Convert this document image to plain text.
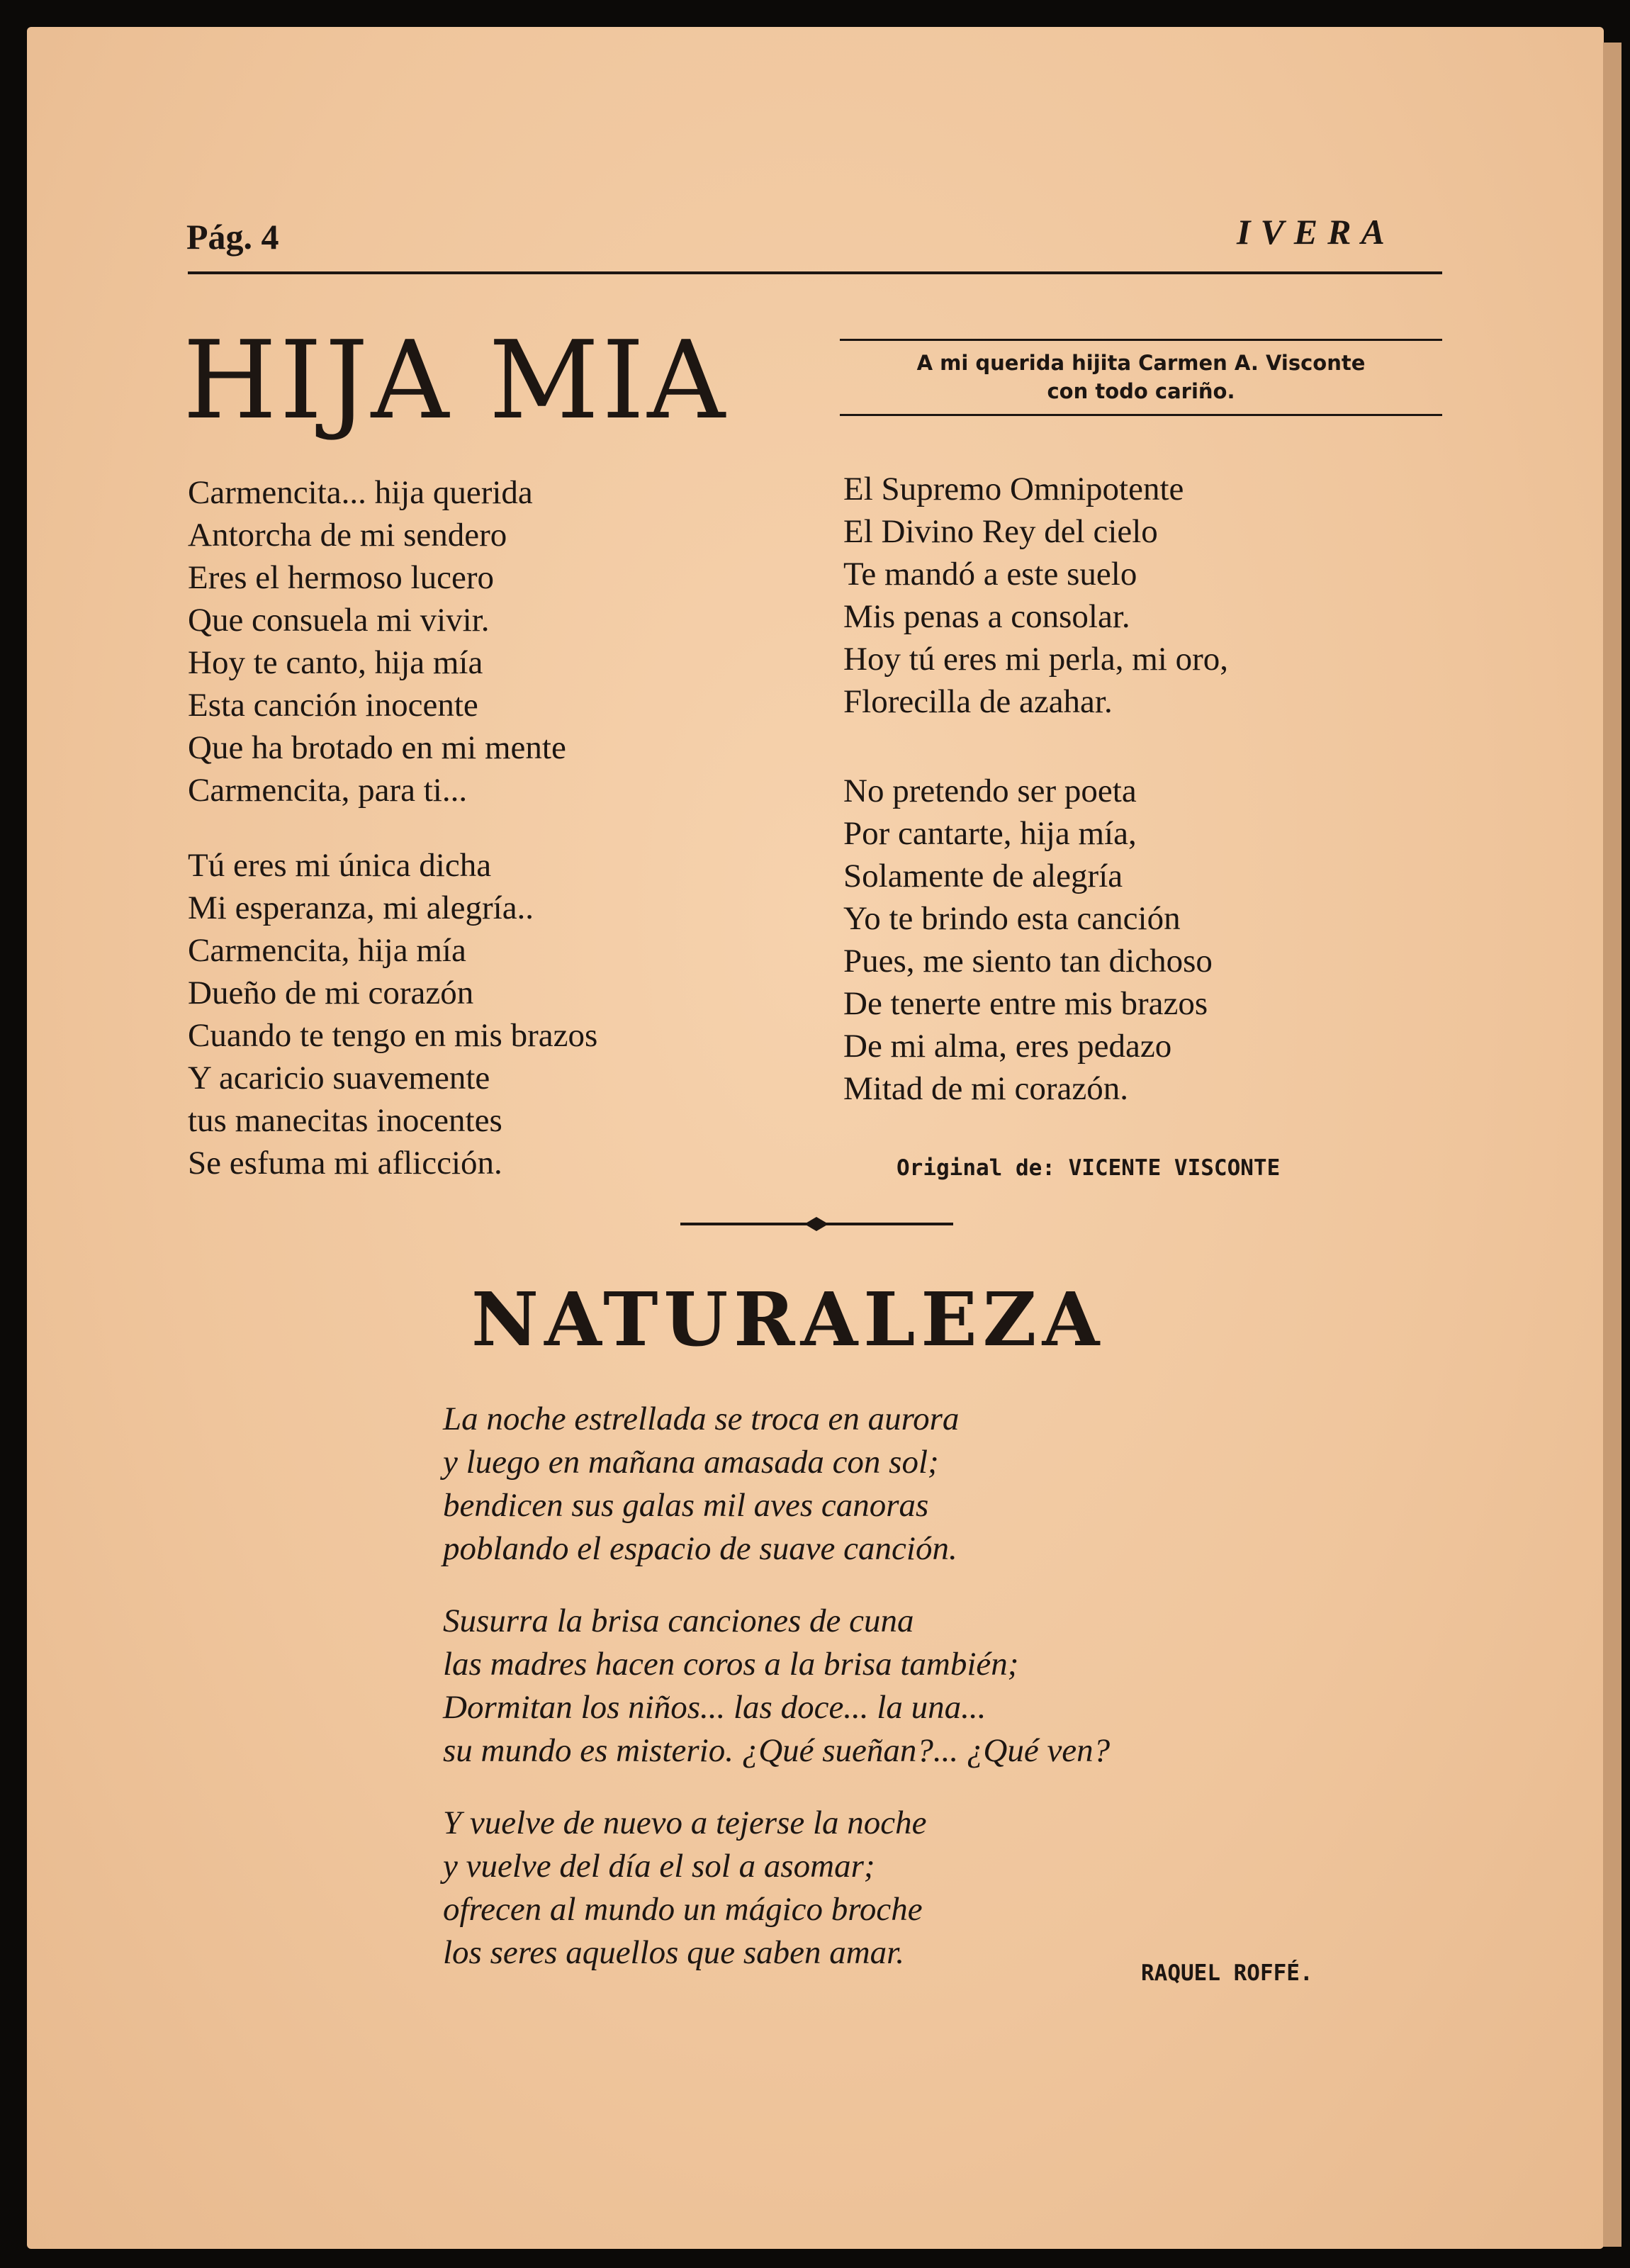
Pág. 4	IVERA
HIJA MIA	A mi querida hijita Carmen A. Visconte
con todo cariño.
Carmencita... hija querida
Antorcha de mi sendero
Eres el hermoso lucero
Que consuela mi vivir.
Hoy te canto, hija mía
Esta canción inocente
Que ha brotado en mi mente
Carmencita, para ti...
Tú eres mi única dicha
Mi esperanza, mi alegría..
Carmencita, hija mía
Dueño de mi corazón
Cuando te tengo en mis brazos
Y acaricio suavemente
tus manecitas inocentes
Se esfuma mi aflicción.
El Supremo Omnipotente
El Divino Rey del cielo
Te mandó a este suelo
Mis penas a consolar.
Hoy tú eres mi perla, mi oro,
Florecilla de azahar.
No pretendo ser poeta
Por cantarte, hija mía,
Solamente de alegría
Yo te brindo esta canción
Pues, me siento tan dichoso
De tenerte entre mis brazos
De mi alma, eres pedazo
Mitad de mi corazón.
Original de: VICENTE VISCONTE
NATURALEZA
La noche estrellada se troca en aurora
y luego en mañana amasada con sol;
bendicen sus galas mil aves canoras
poblando el espacio de suave canción.
Susurra la brisa canciones de cuna
las madres hacen coros a la brisa también;
Dormitan los niños... las doce... la una...
su mundo es misterio. ¿Qué sueñan?... ¿Qué ven?
Y vuelve de nuevo a tejerse la noche
y vuelve del día el sol a asomar;
ofrecen al mundo un mágico broche
los seres aquellos que saben amar.
RAQUEL ROFFÉ.
